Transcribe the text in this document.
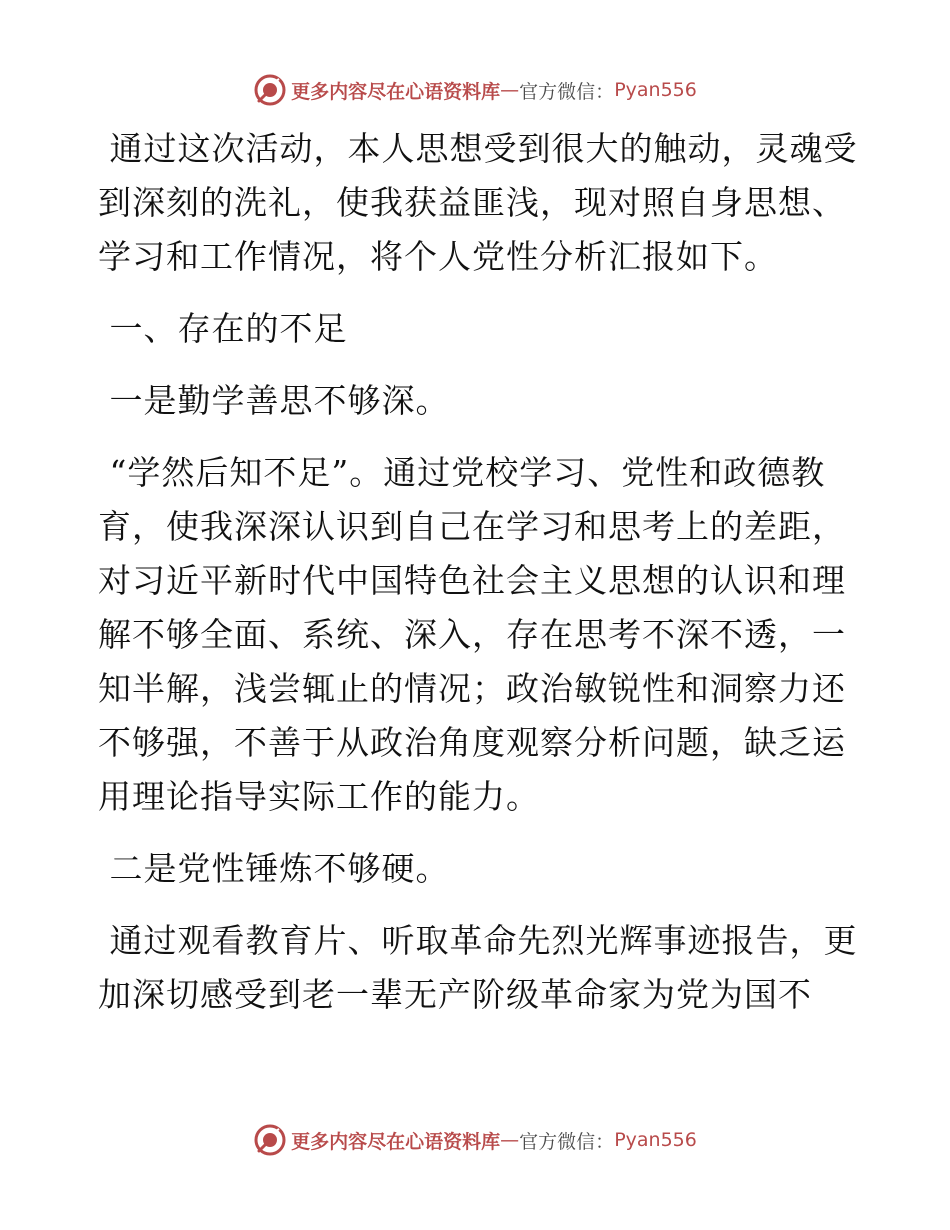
更多内容尽在心语资料库 — 官方微信： Pyan556

通过这次活动，本人思想受到很大的触动，灵魂受到深刻的洗礼，使我获益匪浅，现对照自身思想、学习和工作情况，将个人党性分析汇报如下。

一、存在的不足

一是勤学善思不够深。

“学然后知不足”。通过党校学习、党性和政德教育，使我深深认识到自己在学习和思考上的差距，对习近平新时代中国特色社会主义思想的认识和理解不够全面、系统、深入，存在思考不深不透，一知半解，浅尝辄止的情况；政治敏锐性和洞察力还不够强，不善于从政治角度观察分析问题，缺乏运用理论指导实际工作的能力。

二是党性锤炼不够硬。

通过观看教育片、听取革命先烈光辉事迹报告，更加深切感受到老一辈无产阶级革命家为党为国不

更多内容尽在心语资料库 — 官方微信： Pyan556
